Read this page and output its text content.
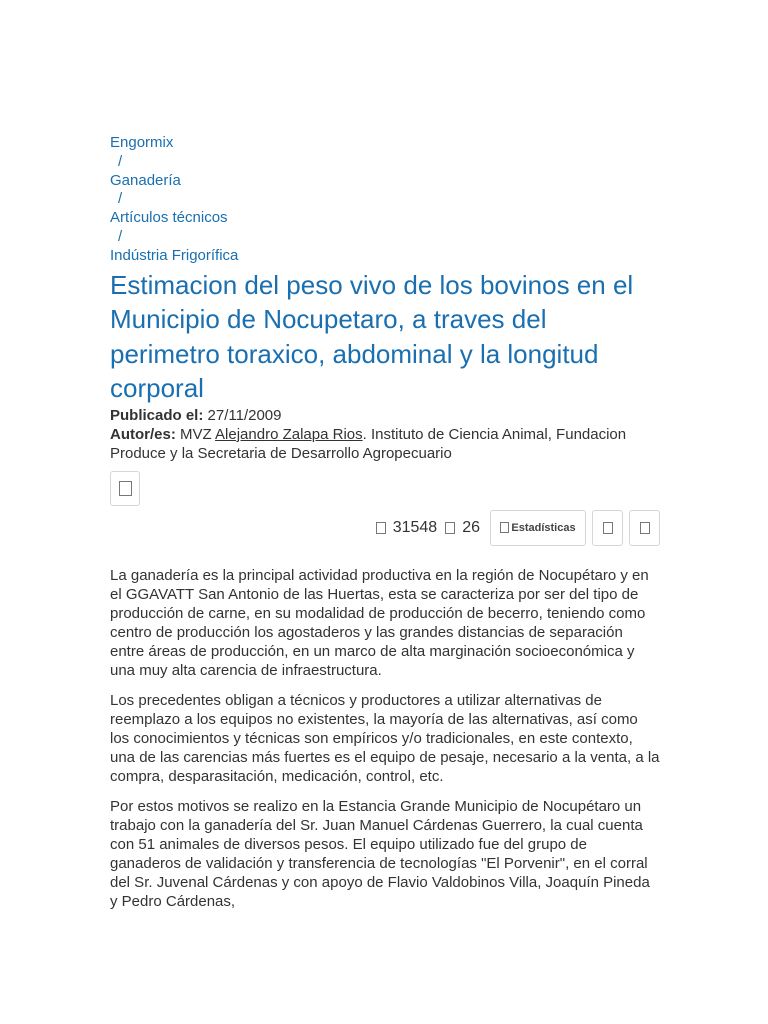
Engormix
/
Ganadería
/
Artículos técnicos
/
Indústria Frigorífica
Estimacion del peso vivo de los bovinos en el Municipio de Nocupetaro, a traves del perimetro toraxico, abdominal y la longitud corporal
Publicado el: 27/11/2009
Autor/es: MVZ Alejandro Zalapa Rios. Instituto de Ciencia Animal, Fundacion Produce y la Secretaria de Desarrollo Agropecuario
31548 26	Estadísticas

La ganadería es la principal actividad productiva en la región de Nocupétaro y en el GGAVATT San Antonio de las Huertas, esta se caracteriza por ser del tipo de producción de carne, en su modalidad de producción de becerro, teniendo como centro de producción los agostaderos y las grandes distancias de separación entre áreas de producción, en un marco de alta marginación socioeconómica y una muy alta carencia de infraestructura.

Los precedentes obligan a técnicos y productores a utilizar alternativas de reemplazo a los equipos no existentes, la mayoría de las alternativas, así como los conocimientos y técnicas son empíricos y/o tradicionales, en este contexto, una de las carencias más fuertes es el equipo de pesaje, necesario a la venta, a la compra, desparasitación, medicación, control, etc.

Por estos motivos se realizo en la Estancia Grande Municipio de Nocupétaro un trabajo con la ganadería del Sr. Juan Manuel Cárdenas Guerrero, la cual cuenta con 51 animales de diversos pesos. El equipo utilizado fue del grupo de ganaderos de validación y transferencia de tecnologías "El Porvenir", en el corral del Sr. Juvenal Cárdenas y con apoyo de Flavio Valdobinos Villa, Joaquín Pineda y Pedro Cárdenas,
